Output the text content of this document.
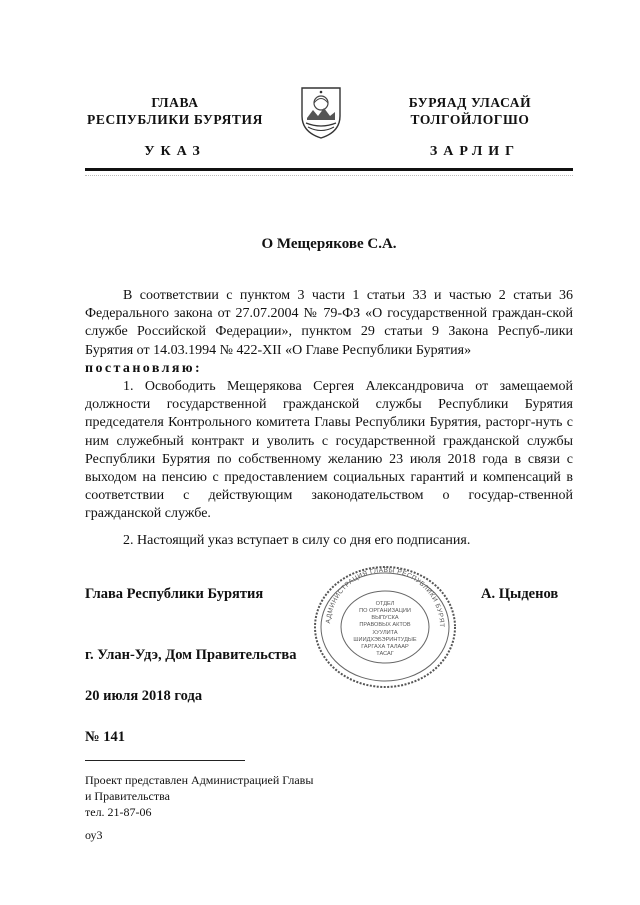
ГЛАВА
РЕСПУБЛИКИ БУРЯТИЯ
УКАЗ
БУРЯАД УЛАСАЙ
ТОЛГОЙЛОГШО
ЗАРЛИГ
О Мещерякове С.А.
В соответствии с пунктом 3 части 1 статьи 33 и частью 2 статьи 36 Федерального закона от 27.07.2004 № 79-ФЗ «О государственной граждан-ской службе Российской Федерации», пунктом 29 статьи 9 Закона Респуб-лики Бурятия от 14.03.1994 № 422-XII «О Главе Республики Бурятия»
постановляю:
1. Освободить Мещерякова Сергея Александровича от замещаемой должности государственной гражданской службы Республики Бурятия председателя Контрольного комитета Главы Республики Бурятия, расторг-нуть с ним служебный контракт и уволить с государственной гражданской службы Республики Бурятия по собственному желанию 23 июля 2018 года в связи с выходом на пенсию с предоставлением социальных гарантий и компенсаций в соответствии с действующим законодательством о государ-ственной гражданской службе.
2. Настоящий указ вступает в силу со дня его подписания.
Глава Республики Бурятия	А. Цыденов
АДМИНИСТРАЦИЯ ГЛАВЫ РЕСПУБЛИКИ БУРЯТ
ОТДЕЛ
ПО ОРГАНИЗАЦИИ
ВЫПУСКА
ПРАВОВЫХ АКТОВ
ХУУЛИТА
ШИИДХЭБЭРИНТУДЫЕ
ГАРГАХА ТАЛААР
ТАСАГ
г. Улан-Удэ, Дом Правительства
20 июля 2018 года
№ 141
Проект представлен Администрацией Главы
и Правительства
тел. 21-87-06
оу3
